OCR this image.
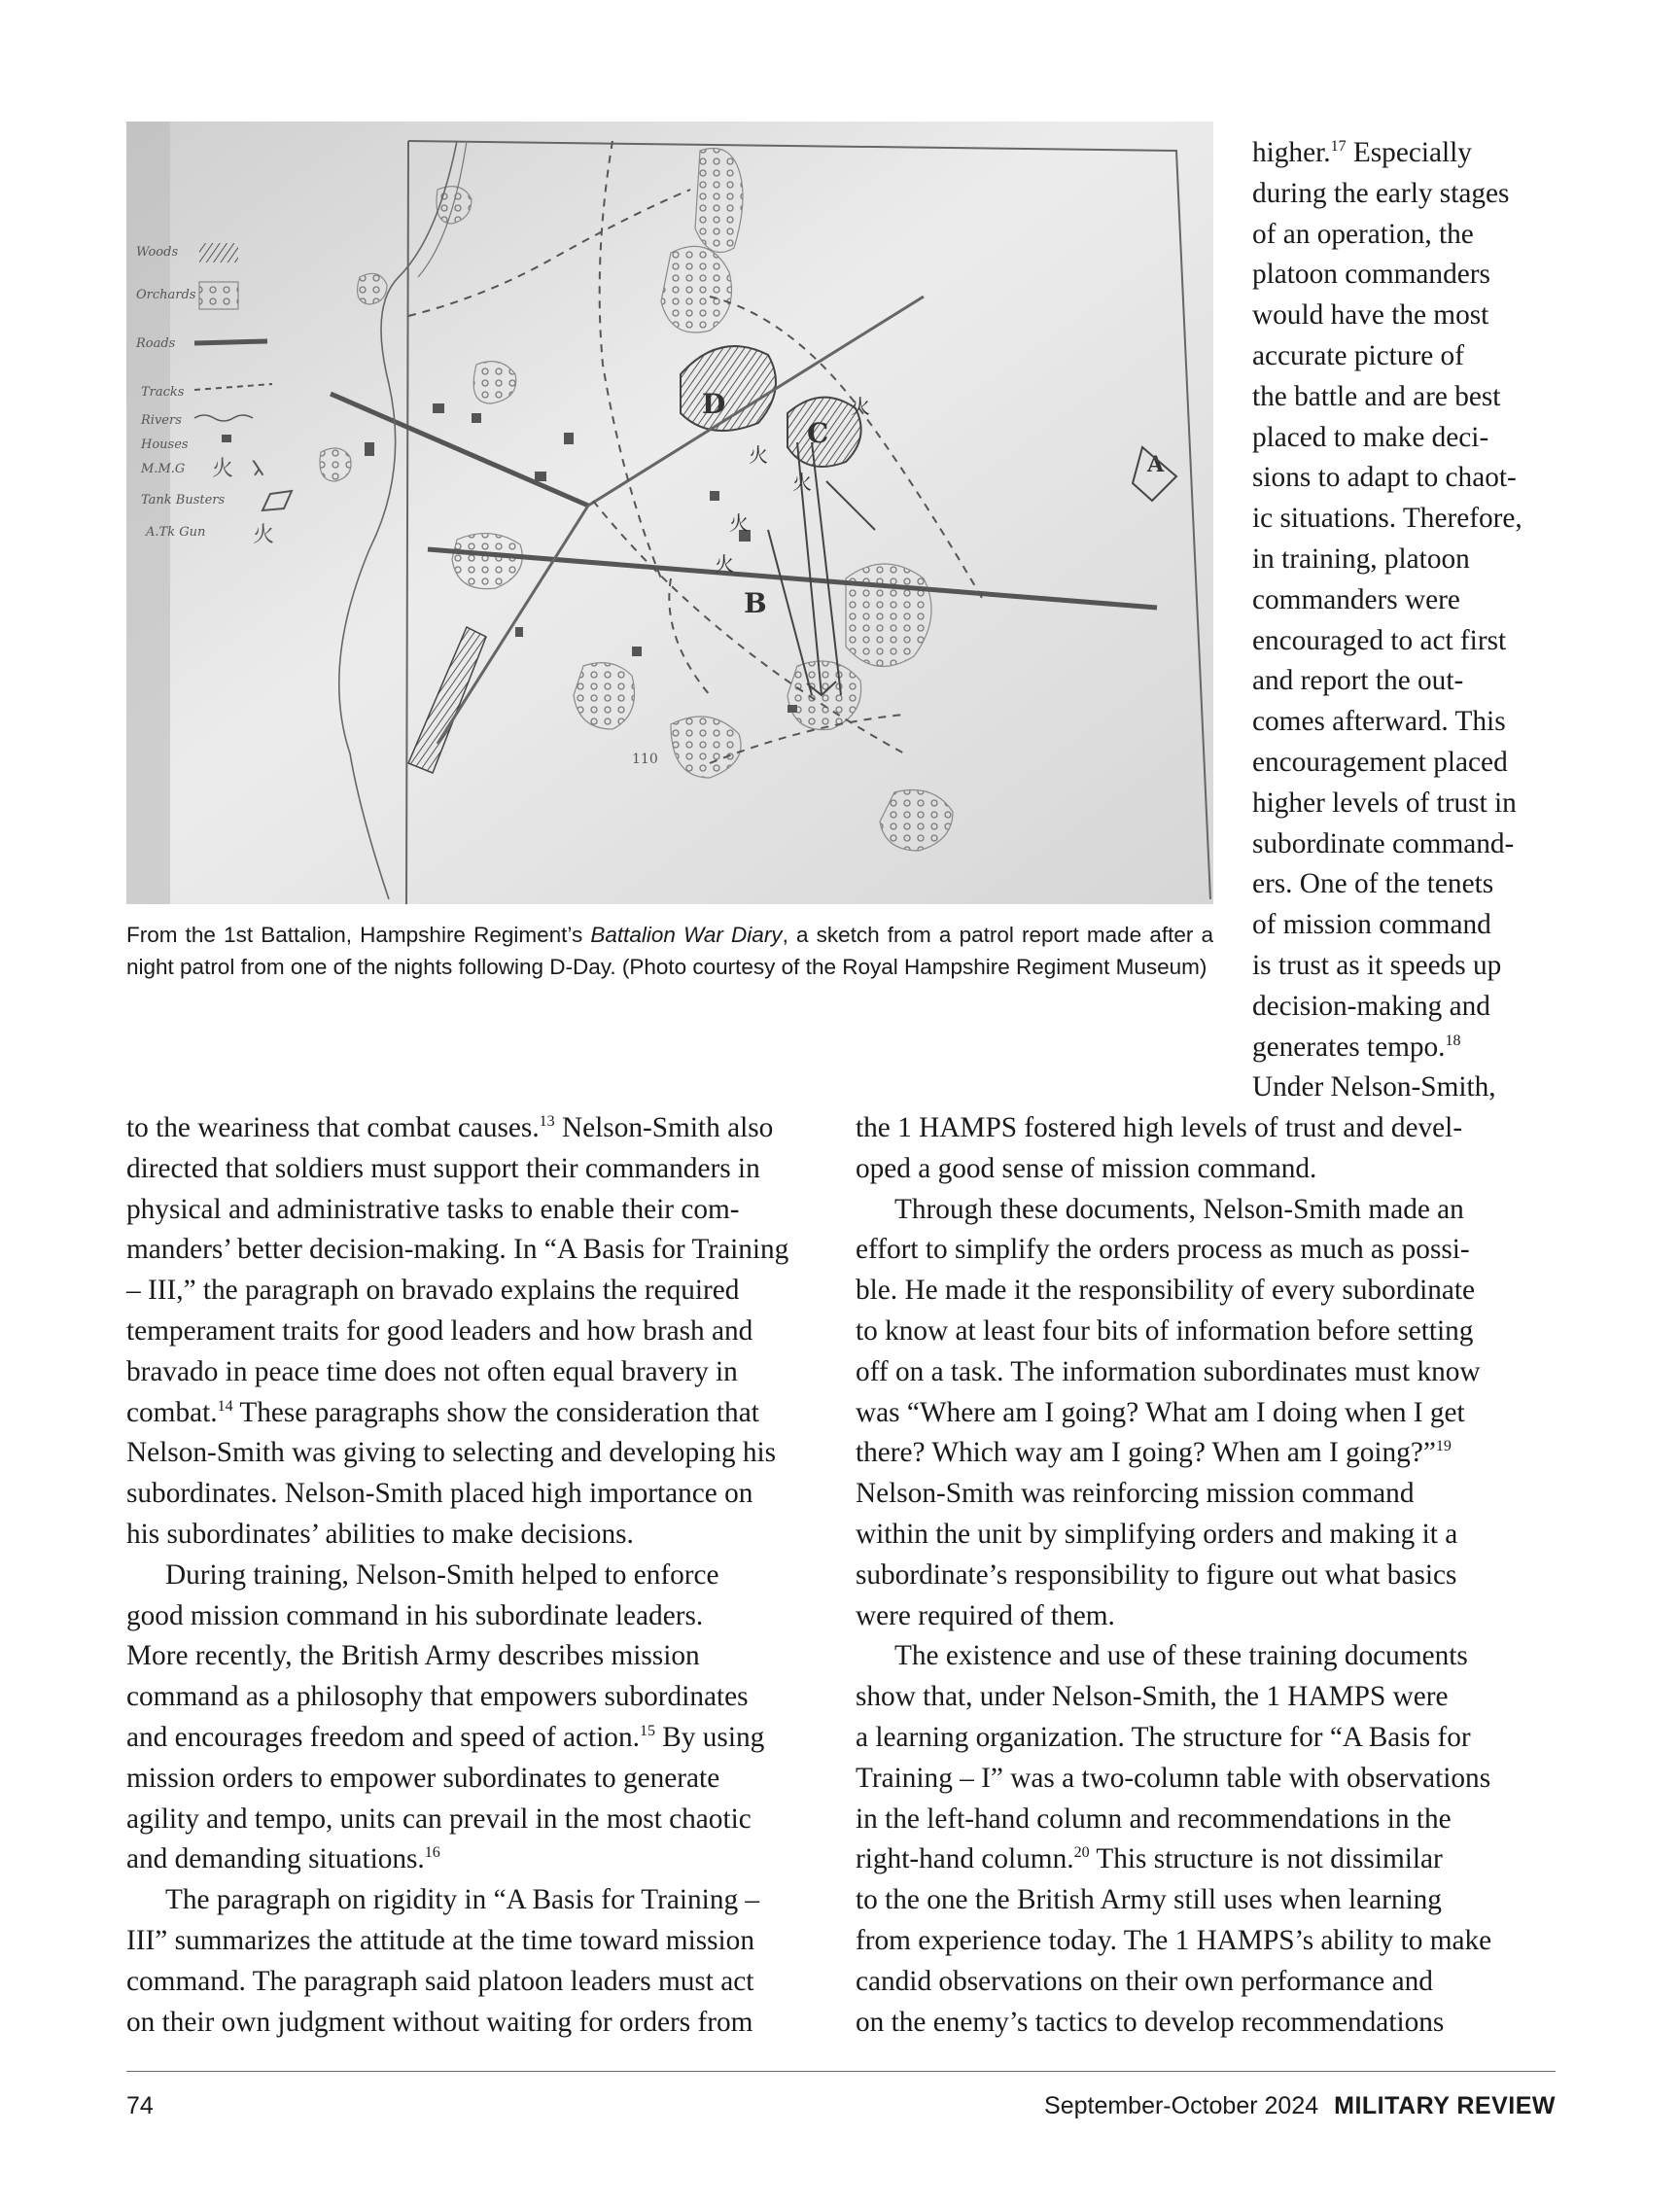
Woods
Orchards
Roads
Tracks
Rivers
Houses
M.M.G 火 𐰳
Tank Busters
A.Tk Gun 火
D
C
B
A
110
火
火
火
火
火
From the 1st Battalion, Hampshire Regiment’s Battalion War Diary, a sketch from a patrol report made after a night patrol from one of the nights following D-Day. (Photo courtesy of the Royal Hampshire Regiment Museum)
higher.$^{17}$ Especially
during the early stages
of an operation, the
platoon commanders
would have the most
accurate picture of
the battle and are best
placed to make deci-
sions to adapt to chaot-
ic situations. Therefore,
in training, platoon
commanders were
encouraged to act first
and report the out-
comes afterward. This
encouragement placed
higher levels of trust in
subordinate command-
ers. One of the tenets
of mission command
is trust as it speeds up
decision-making and
generates tempo.$^{18}$
Under Nelson-Smith,
to the weariness that combat causes.$^{13}$ Nelson-Smith also
directed that soldiers must support their commanders in
physical and administrative tasks to enable their com-
manders’ better decision-making. In “A Basis for Training
– III,” the paragraph on bravado explains the required
temperament traits for good leaders and how brash and
bravado in peace time does not often equal bravery in
combat.$^{14}$ These paragraphs show the consideration that
Nelson-Smith was giving to selecting and developing his
subordinates. Nelson-Smith placed high importance on
his subordinates’ abilities to make decisions.
During training, Nelson-Smith helped to enforce
good mission command in his subordinate leaders.
More recently, the British Army describes mission
command as a philosophy that empowers subordinates
and encourages freedom and speed of action.$^{15}$ By using
mission orders to empower subordinates to generate
agility and tempo, units can prevail in the most chaotic
and demanding situations.$^{16}$
The paragraph on rigidity in “A Basis for Training –
III” summarizes the attitude at the time toward mission
command. The paragraph said platoon leaders must act
on their own judgment without waiting for orders from
the 1 HAMPS fostered high levels of trust and devel-
oped a good sense of mission command.
Through these documents, Nelson-Smith made an
effort to simplify the orders process as much as possi-
ble. He made it the responsibility of every subordinate
to know at least four bits of information before setting
off on a task. The information subordinates must know
was “Where am I going? What am I doing when I get
there? Which way am I going? When am I going?”$^{19}$
Nelson-Smith was reinforcing mission command
within the unit by simplifying orders and making it a
subordinate’s responsibility to figure out what basics
were required of them.
The existence and use of these training documents
show that, under Nelson-Smith, the 1 HAMPS were
a learning organization. The structure for “A Basis for
Training – I” was a two-column table with observations
in the left-hand column and recommendations in the
right-hand column.$^{20}$ This structure is not dissimilar
to the one the British Army still uses when learning
from experience today. The 1 HAMPS’s ability to make
candid observations on their own performance and
on the enemy’s tactics to develop recommendations
74	September-October 2024 MILITARY REVIEW
